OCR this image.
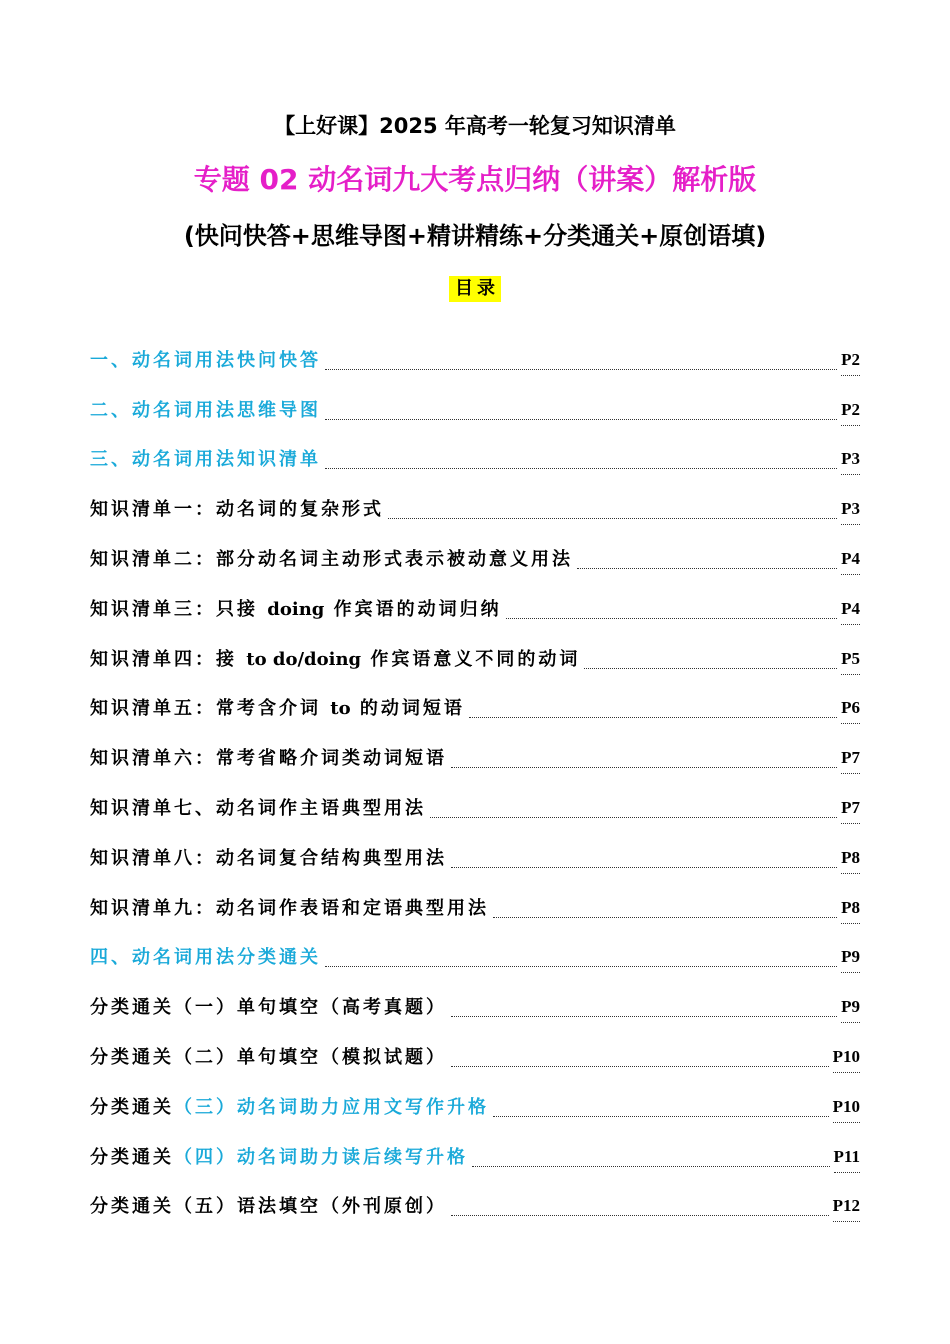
【上好课】2025 年高考一轮复习知识清单
专题 02 动名词九大考点归纳（讲案）解析版
(快问快答+思维导图+精讲精练+分类通关+原创语填)
目录
一、动名词用法快问快答	P2
二、动名词用法思维导图	P2
三、动名词用法知识清单	P3
知识清单一：动名词的复杂形式	P3
知识清单二：部分动名词主动形式表示被动意义用法	P4
知识清单三：只接 doing 作宾语的动词归纳	P4
知识清单四：接 to do/doing 作宾语意义不同的动词	P5
知识清单五：常考含介词 to 的动词短语	P6
知识清单六：常考省略介词类动词短语	P7
知识清单七、动名词作主语典型用法	P7
知识清单八：动名词复合结构典型用法	P8
知识清单九：动名词作表语和定语典型用法	P8
四、动名词用法分类通关	P9
分类通关（一）单句填空（高考真题）	P9
分类通关（二）单句填空（模拟试题）	P10
分类通关（三）动名词助力应用文写作升格	P10
分类通关（四）动名词助力读后续写升格	P11
分类通关（五）语法填空（外刊原创）	P12
